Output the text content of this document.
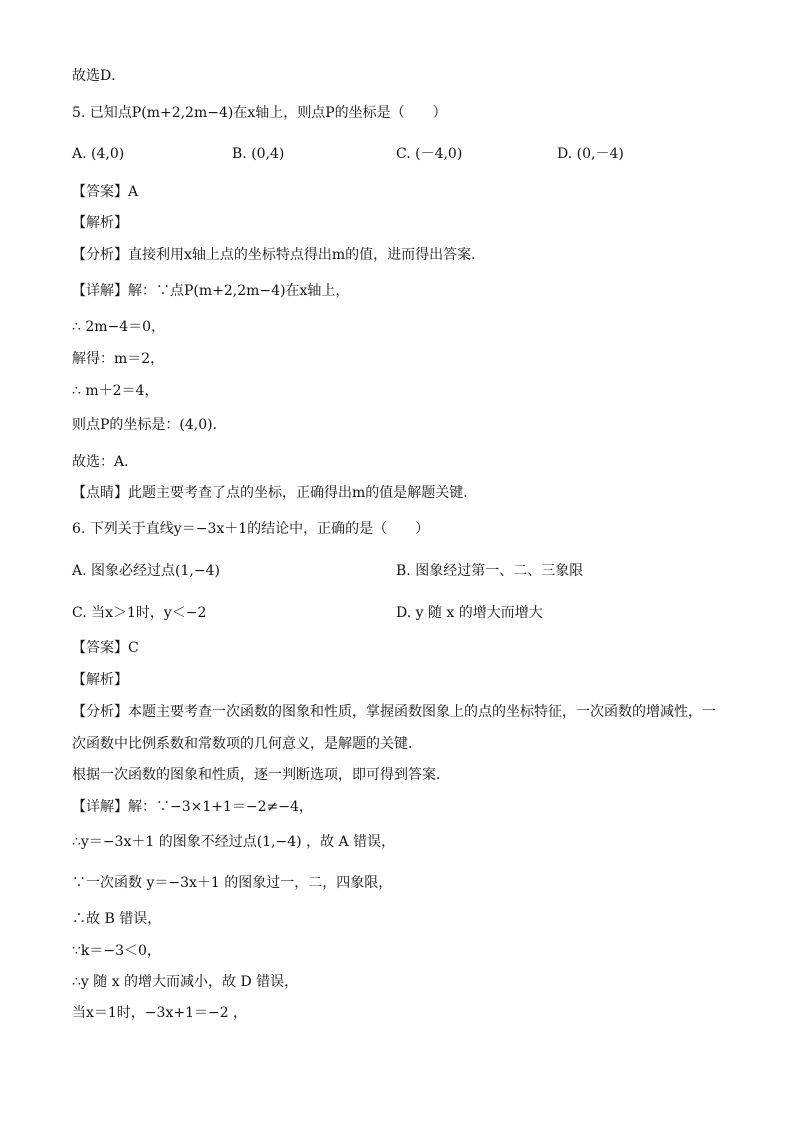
故选D．
5. 已知点P(m+2,2m−4)在x轴上，则点P的坐标是（　　）
A. (4,0)	B. (0,4)	C. (－4,0)	D. (0,－4)
【答案】A
【解析】
【分析】直接利用x轴上点的坐标特点得出m的值，进而得出答案．
【详解】解：∵点P(m+2,2m−4)在x轴上，
∴ 2m−4＝0，
解得：m＝2，
∴ m＋2＝4，
则点P的坐标是：(4,0)．
故选：A．
【点睛】此题主要考查了点的坐标，正确得出m的值是解题关键．
6. 下列关于直线y＝−3x＋1的结论中，正确的是（　　）
A. 图象必经过点(1,−4)	B. 图象经过第一、二、三象限
C. 当x＞1时，y＜−2	D. y 随 x 的增大而增大
【答案】C
【解析】
【分析】本题主要考查一次函数的图象和性质，掌握函数图象上的点的坐标特征，一次函数的增减性，一
次函数中比例系数和常数项的几何意义，是解题的关键．
根据一次函数的图象和性质，逐一判断选项，即可得到答案．
【详解】解：∵−3×1+1＝−2≠−4，
∴y＝−3x＋1 的图象不经过点(1,−4) ，故 A 错误，
∵一次函数 y＝−3x＋1 的图象过一，二，四象限，
∴故 B 错误，
∵k＝−3＜0，
∴y 随 x 的增大而减小，故 D 错误，
当x＝1时，−3x+1＝−2 ，
